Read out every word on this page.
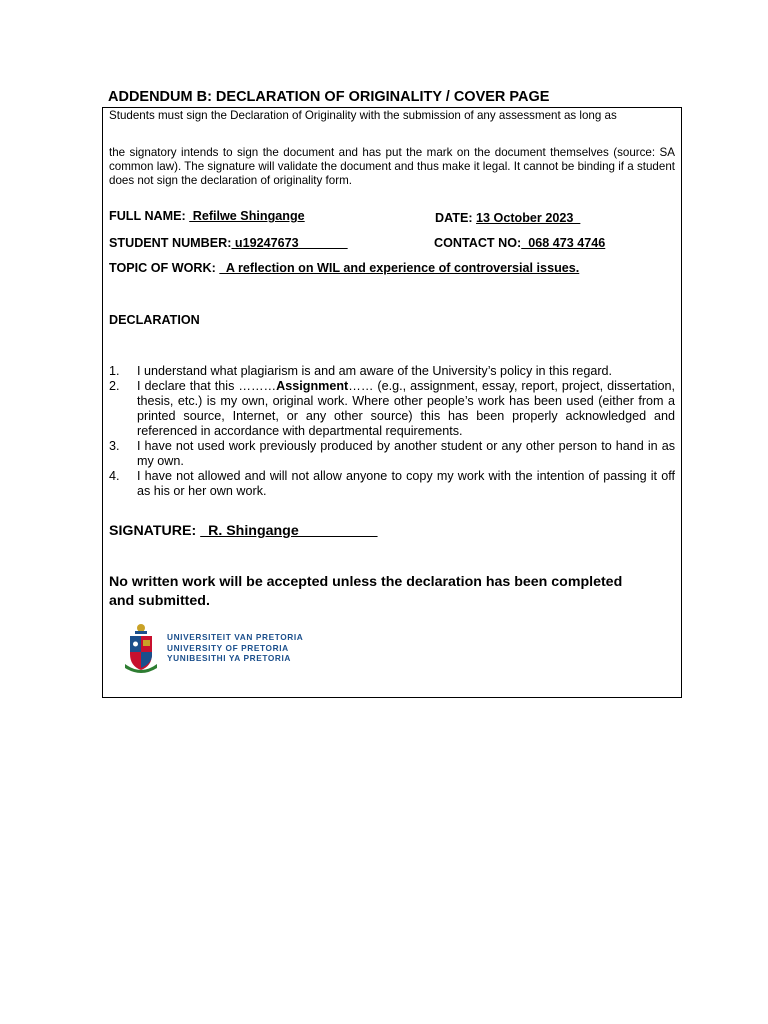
ADDENDUM B: DECLARATION OF ORIGINALITY / COVER PAGE

Students must sign the Declaration of Originality with the submission of any assessment as long as

the signatory intends to sign the document and has put the mark on the document themselves (source: SA common law). The signature will validate the document and thus make it legal. It cannot be binding if a student does not sign the declaration of originality form.

FULL NAME:  Refilwe Shingange	DATE: 13 October 2023
STUDENT NUMBER: u19247673	CONTACT NO:  068 473 4746
TOPIC OF WORK:   A reflection on WIL and experience of controversial issues.
DECLARATION
1. I understand what plagiarism is and am aware of the University’s policy in this regard.
2. I declare that this ………Assignment…… (e.g., assignment, essay, report, project, dissertation, thesis, etc.) is my own, original work. Where other people’s work has been used (either from a printed source, Internet, or any other source) this has been properly acknowledged and referenced in accordance with departmental requirements.
3. I have not used work previously produced by another student or any other person to hand in as my own.
4. I have not allowed and will not allow anyone to copy my work with the intention of passing it off as his or her own work.
SIGNATURE:   R. Shingange

No written work will be accepted unless the declaration has been completed and submitted.

UNIVERSITEIT VAN PRETORIA
UNIVERSITY OF PRETORIA
YUNIBESITHI YA PRETORIA
